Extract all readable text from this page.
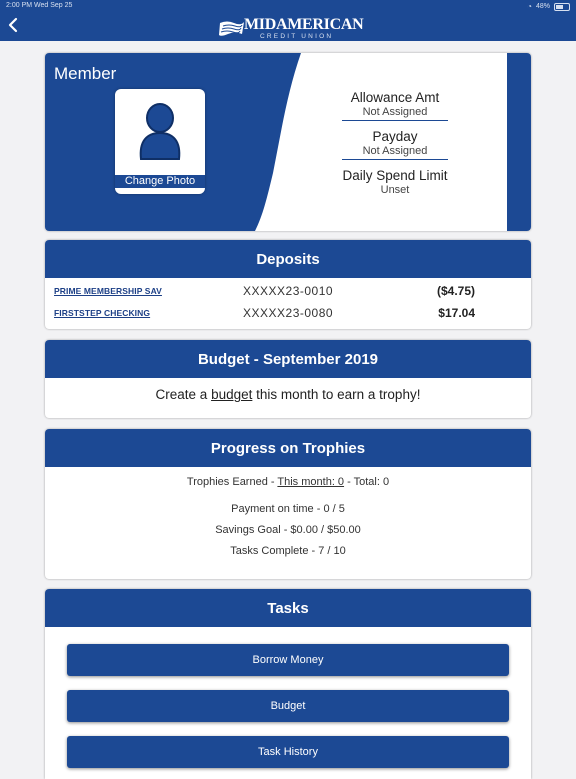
2:00 PM Wed Sep 25	◔ 48%
MIDAMERICAN
CREDIT UNION
Member
Change Photo
Allowance Amt
Not Assigned
Payday
Not Assigned
Daily Spend Limit
Unset
Deposits
PRIME MEMBERSHIP SAV	XXXXX23-0010	($4.75)
FIRSTSTEP CHECKING	XXXXX23-0080	$17.04
Budget - September 2019
Create a budget this month to earn a trophy!
Progress on Trophies
Trophies Earned - This month: 0 - Total: 0
Payment on time - 0 / 5
Savings Goal - $0.00 / $50.00
Tasks Complete - 7 / 10
Tasks
Borrow Money
Budget
Task History
